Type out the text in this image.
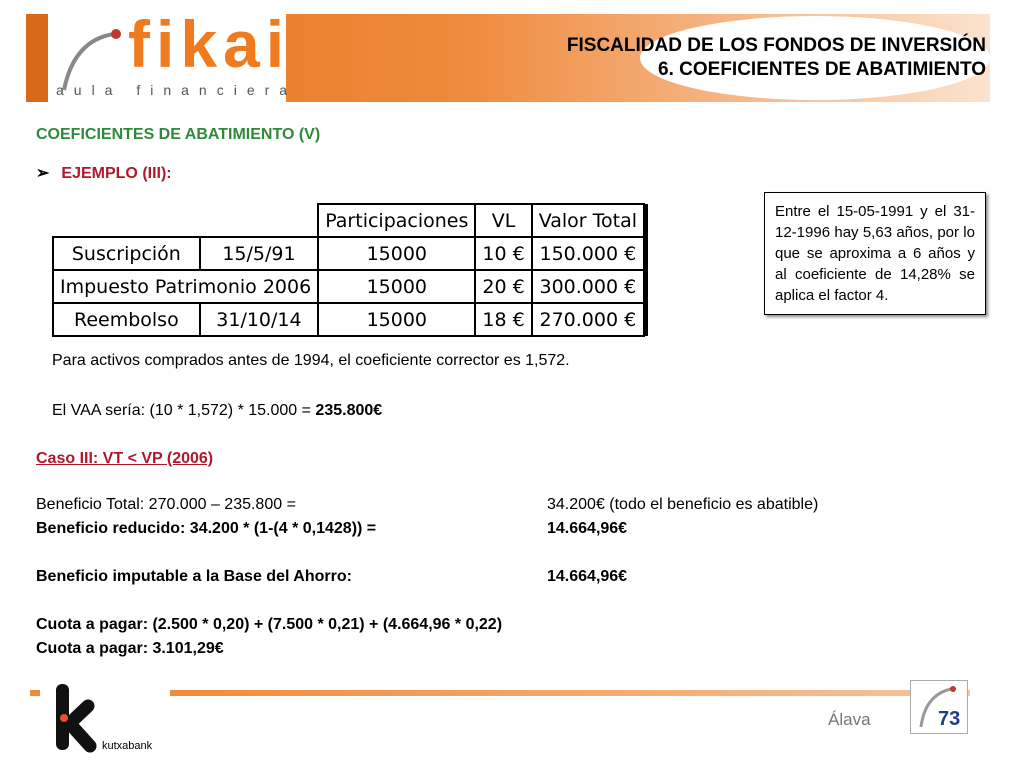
fikai
aula financiera
FISCALIDAD DE LOS FONDOS DE INVERSIÓN
6. COEFICIENTES DE ABATIMIENTO
COEFICIENTES DE ABATIMIENTO (V)
➢ EJEMPLO (III):
		Participaciones	VL	Valor Total
Suscripción	15/5/91	15000	10 €	150.000 €
Impuesto Patrimonio 2006		15000	20 €	300.000 €
Reembolso	31/10/14	15000	18 €	270.000 €
Entre el 15-05-1991 y el 31-12-1996 hay 5,63 años, por lo que se aproxima a 6 años y al coeficiente de 14,28% se aplica el factor 4.
Para activos comprados antes de 1994, el coeficiente corrector es 1,572.
El VAA sería: (10 * 1,572) * 15.000 = 235.800€
Caso III: VT < VP (2006)
Beneficio Total: 270.000 – 235.800 =	34.200€ (todo el beneficio es abatible)
Beneficio reducido: 34.200 * (1-(4 * 0,1428)) =	14.664,96€
Beneficio imputable a la Base del Ahorro:	14.664,96€
Cuota a pagar: (2.500 * 0,20) + (7.500 * 0,21) + (4.664,96 * 0,22)
Cuota a pagar: 3.101,29€
kutxabank
Álava	73
